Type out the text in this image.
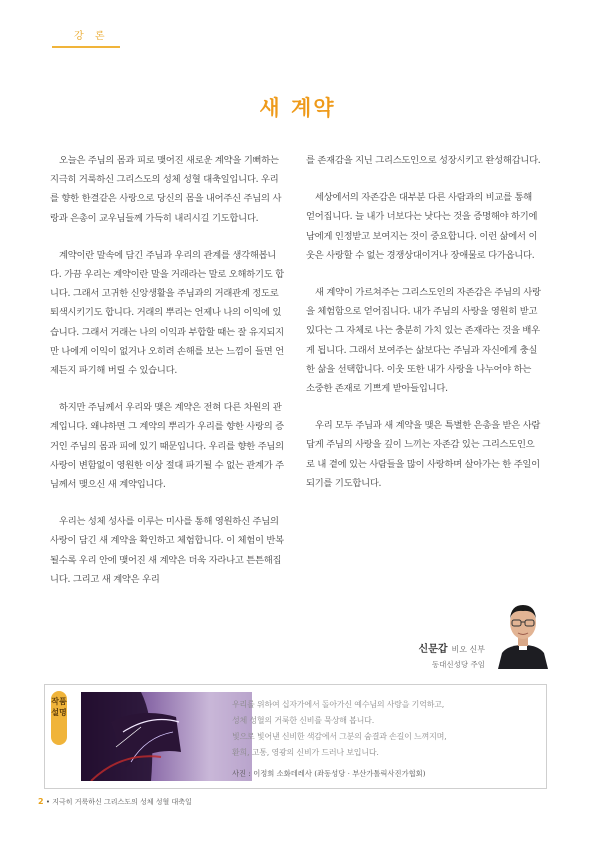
강 론
새 계약

오늘은 주님의 몸과 피로 맺어진 새로운 계약을 기뻐하는 지극히 거룩하신 그리스도의 성체 성혈 대축일입니다. 우리를 향한 한결같은 사랑으로 당신의 몸을 내어주신 주님의 사랑과 은총이 교우님들께 가득히 내리시길 기도합니다.

계약이란 말속에 담긴 주님과 우리의 관계를 생각해봅니다. 가끔 우리는 계약이란 말을 거래라는 말로 오해하기도 합니다. 그래서 고귀한 신앙생활을 주님과의 거래관계 정도로 퇴색시키기도 합니다. 거래의 뿌리는 언제나 나의 이익에 있습니다. 그래서 거래는 나의 이익과 부합할 때는 잘 유지되지만 나에게 이익이 없거나 오히려 손해를 보는 느낌이 들면 언제든지 파기해 버릴 수 있습니다.

하지만 주님께서 우리와 맺은 계약은 전혀 다른 차원의 관계입니다. 왜냐하면 그 계약의 뿌리가 우리를 향한 사랑의 증거인 주님의 몸과 피에 있기 때문입니다. 우리를 향한 주님의 사랑이 변함없이 영원한 이상 절대 파기될 수 없는 관계가 주님께서 맺으신 새 계약입니다.

우리는 성체 성사를 이루는 미사를 통해 영원하신 주님의 사랑이 담긴 새 계약을 확인하고 체험합니다. 이 체험이 반복될수록 우리 안에 맺어진 새 계약은 더욱 자라나고 튼튼해집니다. 그리고 새 계약은 우리

를 존재감을 지닌 그리스도인으로 성장시키고 완성해갑니다.

세상에서의 자존감은 대부분 다른 사람과의 비교를 통해 얻어집니다. 늘 내가 너보다는 낫다는 것을 증명해야 하기에 남에게 인정받고 보여지는 것이 중요합니다. 이런 삶에서 이웃은 사랑할 수 없는 경쟁상대이거나 장애물로 다가옵니다.

새 계약이 가르쳐주는 그리스도인의 자존감은 주님의 사랑을 체험함으로 얻어집니다. 내가 주님의 사랑을 영원히 받고 있다는 그 자체로 나는 충분히 가치 있는 존재라는 것을 배우게 됩니다. 그래서 보여주는 삶보다는 주님과 자신에게 충실한 삶을 선택합니다. 이웃 또한 내가 사랑을 나누어야 하는 소중한 존재로 기쁘게 받아들입니다.

우리 모두 주님과 새 계약을 맺은 특별한 은총을 받은 사람답게 주님의 사랑을 깊이 느끼는 자존감 있는 그리스도인으로 내 곁에 있는 사람들을 많이 사랑하며 살아가는 한 주일이 되기를 기도합니다.

신문갑 비오 신부
동대신성당 주임
작품
설명
우리를 위하여 십자가에서 돌아가신 예수님의 사랑을 기억하고,
성체 성혈의 거룩한 신비를 묵상해 봅니다.
빛으로 빛어낸 신비한 색감에서 그분의 숨결과 손길이 느껴지며,
환희, 고통, 영광의 신비가 드러나 보입니다.
사진 : 이정희 소화데레사 (좌동성당 · 부산가톨릭사진가협회)
2 • 지극히 거룩하신 그리스도의 성체 성혈 대축일
